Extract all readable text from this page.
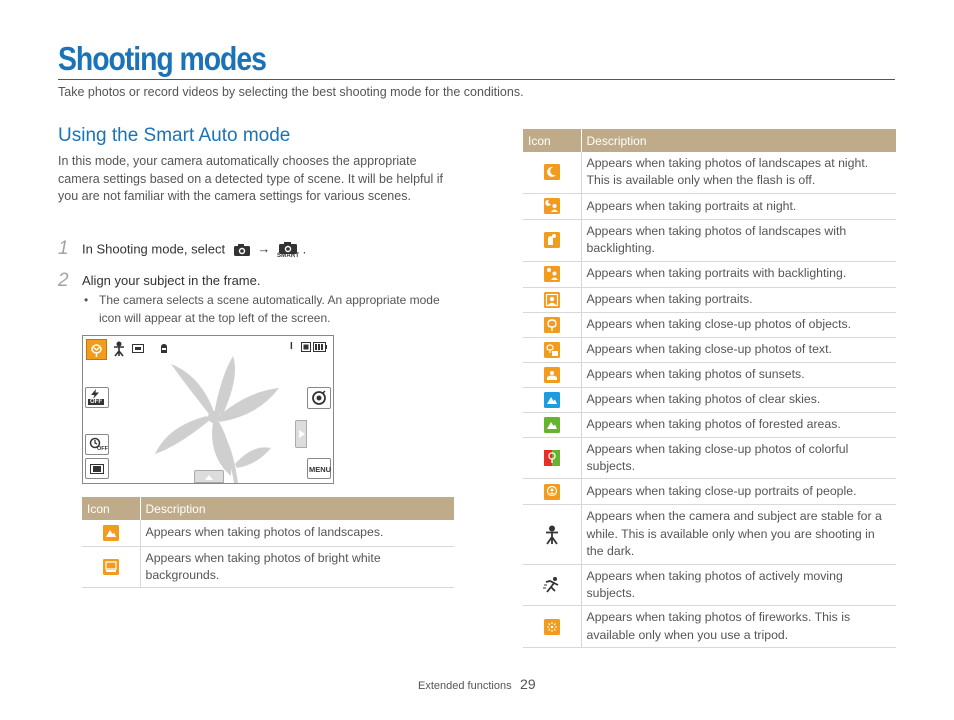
Shooting modes
Take photos or record videos by selecting the best shooting mode for the conditions.
Using the Smart Auto mode
In this mode, your camera automatically chooses the appropriate camera settings based on a detected type of scene. It will be helpful if you are not familiar with the camera settings for various scenes.
1 In Shooting mode, select → SMART .
2 Align your subject in the frame.
• The camera selects a scene automatically. An appropriate mode icon will appear at the top left of the screen.
I
OFF
OFF
MENU
Icon	Description
	Appears when taking photos of landscapes.
	Appears when taking photos of bright white backgrounds.
Icon	Description
	Appears when taking photos of landscapes at night. This is available only when the flash is off.
	Appears when taking portraits at night.
	Appears when taking photos of landscapes with backlighting.
	Appears when taking portraits with backlighting.
	Appears when taking portraits.
	Appears when taking close-up photos of objects.
	Appears when taking close-up photos of text.
	Appears when taking photos of sunsets.
	Appears when taking photos of clear skies.
	Appears when taking photos of forested areas.
	Appears when taking close-up photos of colorful subjects.
	Appears when taking close-up portraits of people.
	Appears when the camera and subject are stable for a while. This is available only when you are shooting in the dark.
	Appears when taking photos of actively moving subjects.
	Appears when taking photos of fireworks. This is available only when you use a tripod.
Extended functions 29
